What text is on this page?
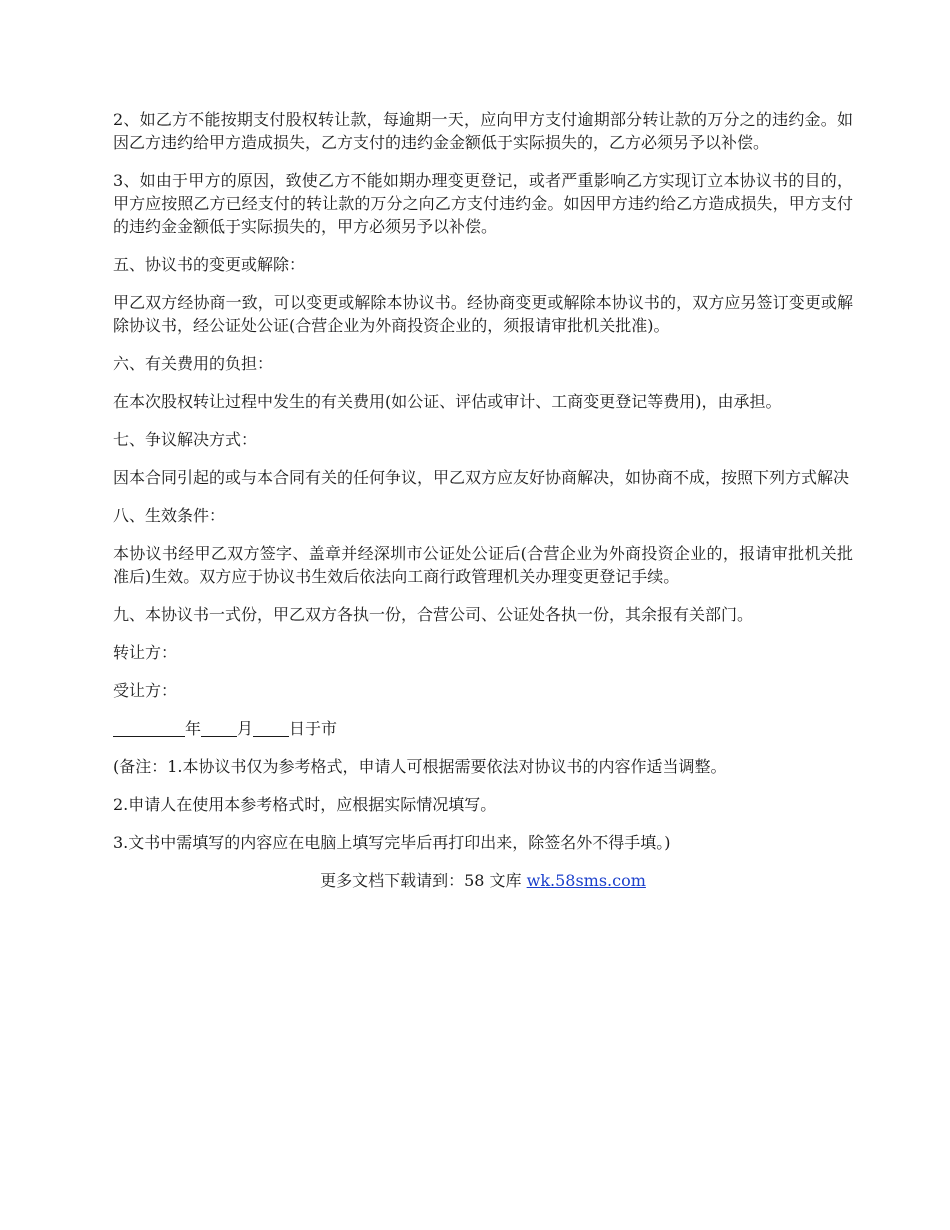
2、如乙方不能按期支付股权转让款，每逾期一天，应向甲方支付逾期部分转让款的万分之的违约金。如因乙方违约给甲方造成损失，乙方支付的违约金金额低于实际损失的，乙方必须另予以补偿。

3、如由于甲方的原因，致使乙方不能如期办理变更登记，或者严重影响乙方实现订立本协议书的目的，甲方应按照乙方已经支付的转让款的万分之向乙方支付违约金。如因甲方违约给乙方造成损失，甲方支付的违约金金额低于实际损失的，甲方必须另予以补偿。

五、协议书的变更或解除：

甲乙双方经协商一致，可以变更或解除本协议书。经协商变更或解除本协议书的，双方应另签订变更或解除协议书，经公证处公证(合营企业为外商投资企业的，须报请审批机关批准)。

六、有关费用的负担：

在本次股权转让过程中发生的有关费用(如公证、评估或审计、工商变更登记等费用)，由承担。

七、争议解决方式：

因本合同引起的或与本合同有关的任何争议，甲乙双方应友好协商解决，如协商不成，按照下列方式解决

八、生效条件：

本协议书经甲乙双方签字、盖章并经深圳市公证处公证后(合营企业为外商投资企业的，报请审批机关批准后)生效。双方应于协议书生效后依法向工商行政管理机关办理变更登记手续。

九、本协议书一式份，甲乙双方各执一份，合营公司、公证处各执一份，其余报有关部门。

转让方：

受让方：

年 月 日于市

(备注：1.本协议书仅为参考格式，申请人可根据需要依法对协议书的内容作适当调整。

2.申请人在使用本参考格式时，应根据实际情况填写。

3.文书中需填写的内容应在电脑上填写完毕后再打印出来，除签名外不得手填。)

更多文档下载请到：58 文库 wk.58sms.com
